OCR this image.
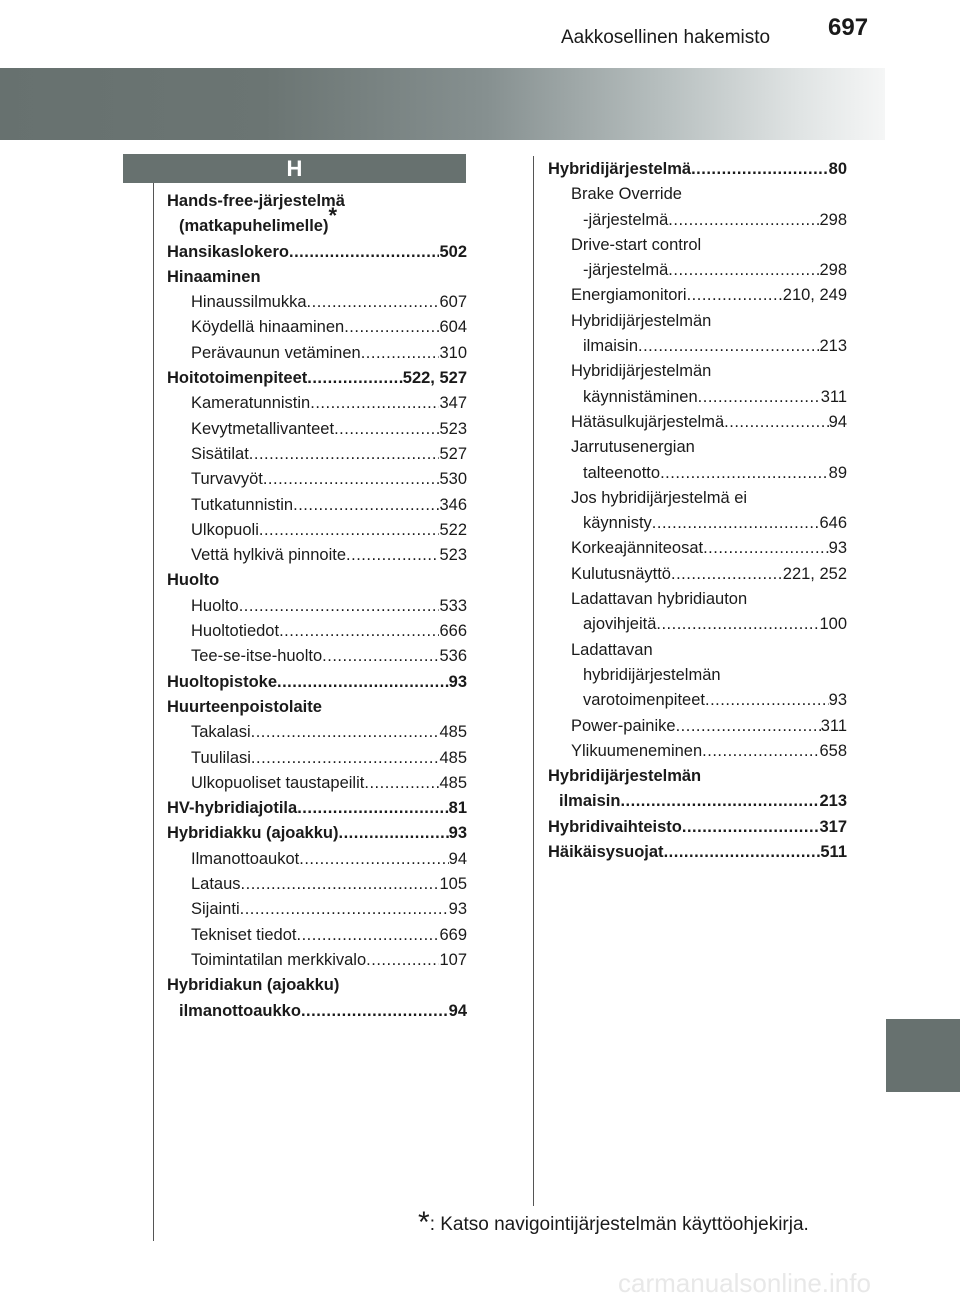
697
Aakkosellinen hakemisto
H
Hands-free-järjestelmä
(matkapuhelimelle)*
Hansikaslokero .....	502
Hinaaminen
Hinaussilmukka .....	607
Köydellä hinaaminen .....	604
Perävaunun vetäminen .....	310
Hoitotoimenpiteet .....	522, 527
Kameratunnistin .....	347
Kevytmetallivanteet .....	523
Sisätilat .....	527
Turvavyöt .....	530
Tutkatunnistin .....	346
Ulkopuoli .....	522
Vettä hylkivä pinnoite .....	523
Huolto
Huolto .....	533
Huoltotiedot .....	666
Tee-se-itse-huolto .....	536
Huoltopistoke .....	93
Huurteenpoistolaite
Takalasi .....	485
Tuulilasi .....	485
Ulkopuoliset taustapeilit .....	485
HV-hybridiajotila .....	81
Hybridiakku (ajoakku) .....	93
Ilmanottoaukot .....	94
Lataus .....	105
Sijainti .....	93
Tekniset tiedot .....	669
Toimintatilan merkkivalo .....	107
Hybridiakun (ajoakku)
ilmanottoaukko .....	94
Hybridijärjestelmä .....	80
Brake Override
-järjestelmä .....	298
Drive-start control
-järjestelmä .....	298
Energiamonitori .....	210, 249
Hybridijärjestelmän
ilmaisin .....	213
Hybridijärjestelmän
käynnistäminen .....	311
Hätäsulkujärjestelmä .....	94
Jarrutusenergian
talteenotto .....	89
Jos hybridijärjestelmä ei
käynnisty .....	646
Korkeajänniteosat .....	93
Kulutusnäyttö .....	221, 252
Ladattavan hybridiauton
ajovihjeitä .....	100
Ladattavan
hybridijärjestelmän
varotoimenpiteet .....	93
Power-painike .....	311
Ylikuumeneminen .....	658
Hybridijärjestelmän
ilmaisin .....	213
Hybridivaihteisto .....	317
Häikäisysuojat .....	511
*: Katso navigointijärjestelmän käyttöohjekirja.
carmanualsonline.info
